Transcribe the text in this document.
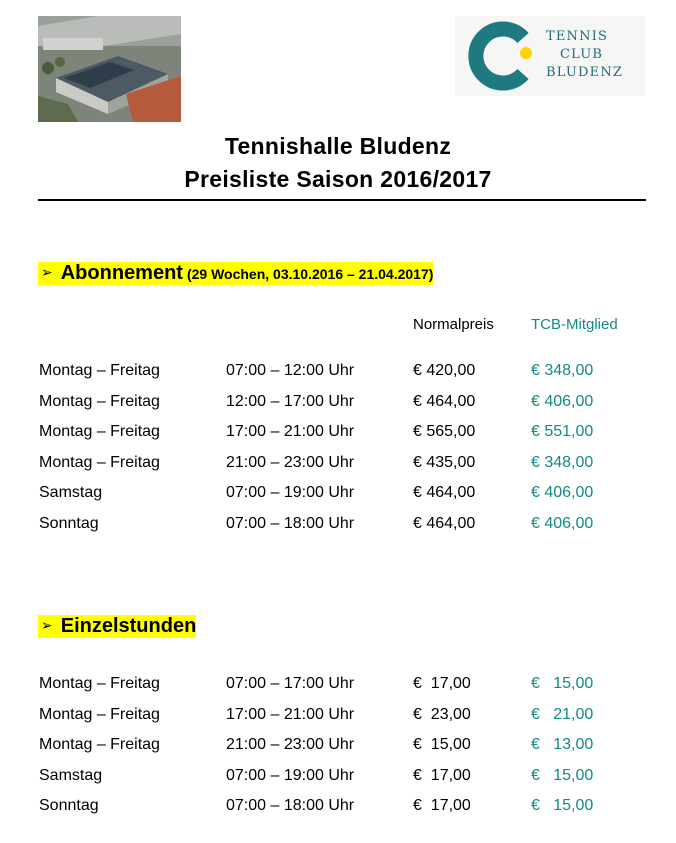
TENNIS
CLUB
BLUDENZ
Tennishalle Bludenz
Preisliste Saison 2016/2017
➢ Abonnement (29 Wochen, 03.10.2016 – 21.04.2017)
Normalpreis TCB-Mitglied
Montag – Freitag	07:00 – 12:00 Uhr	€ 420,00	€ 348,00
Montag – Freitag	12:00 – 17:00 Uhr	€ 464,00	€ 406,00
Montag – Freitag	17:00 – 21:00 Uhr	€ 565,00	€ 551,00
Montag – Freitag	21:00 – 23:00 Uhr	€ 435,00	€ 348,00
Samstag	07:00 – 19:00 Uhr	€ 464,00	€ 406,00
Sonntag	07:00 – 18:00 Uhr	€ 464,00	€ 406,00
➢ Einzelstunden
Montag – Freitag	07:00 – 17:00 Uhr	€  17,00	€   15,00
Montag – Freitag	17:00 – 21:00 Uhr	€  23,00	€   21,00
Montag – Freitag	21:00 – 23:00 Uhr	€  15,00	€   13,00
Samstag	07:00 – 19:00 Uhr	€  17,00	€   15,00
Sonntag	07:00 – 18:00 Uhr	€  17,00	€   15,00
